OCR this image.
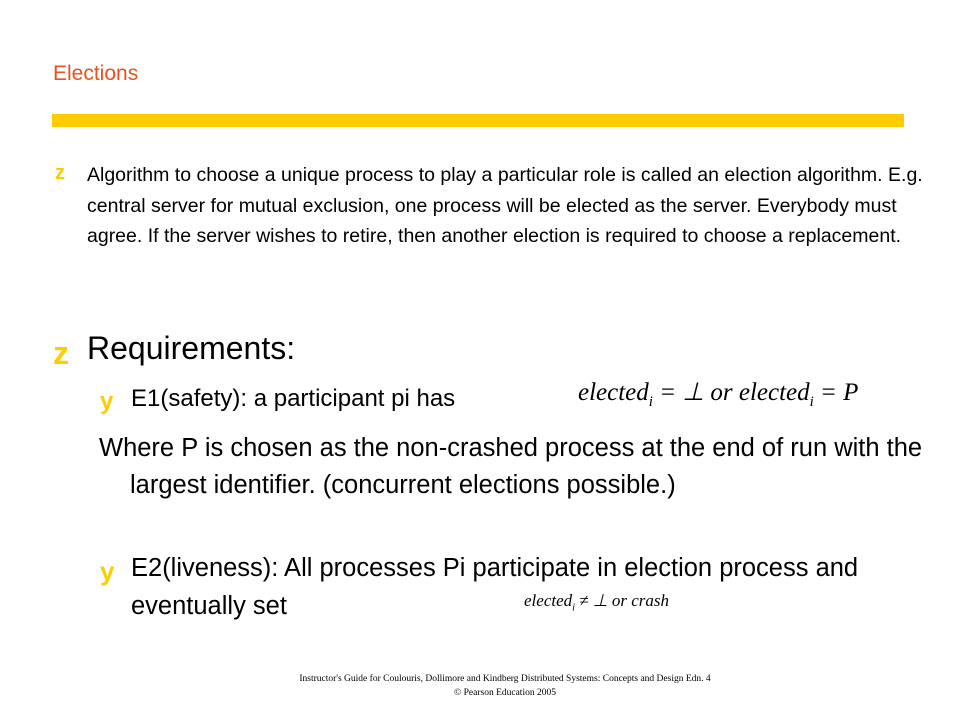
Elections
z Algorithm to choose a unique process to play a particular role is called an election algorithm. E.g. central server for mutual exclusion, one process will be elected as the server. Everybody must agree. If the server wishes to retire, then another election is required to choose a replacement.

z Requirements:

y E1(safety): a participant pi has	elected$_i$ = ⊥ or elected$_i$ = P

Where P is chosen as the non-crashed process at the end of run with the largest identifier. (concurrent elections possible.)

y E2(liveness): All processes Pi participate in election process and eventually set	elected$_i$ ≠ ⊥ or crash
Instructor's Guide for Coulouris, Dollimore and Kindberg Distributed Systems: Concepts and Design Edn. 4
© Pearson Education 2005
